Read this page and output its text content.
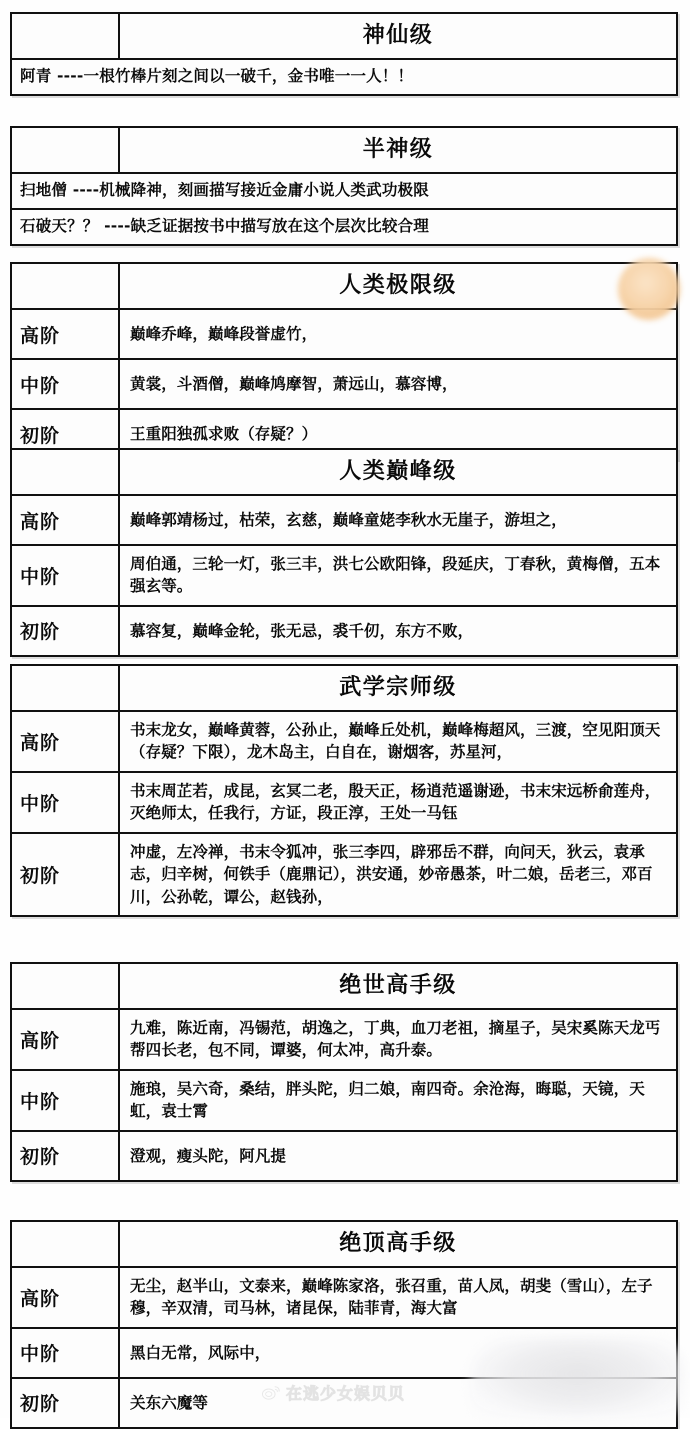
	神仙级
阿青 ----一根竹棒片刻之间以一破千，金书唯一一人！！
	半神级
扫地僧 ----机械降神，刻画描写接近金庸小说人类武功极限
石破天？？ ----缺乏证据按书中描写放在这个层次比较合理
	人类极限级
高阶	巅峰乔峰，巅峰段誉虚竹，
中阶	黄裳，斗酒僧，巅峰鸠摩智，萧远山，慕容博，
初阶	王重阳独孤求败（存疑？）
	人类巅峰级
高阶	巅峰郭靖杨过，枯荣，玄慈，巅峰童姥李秋水无崖子，游坦之，
中阶	周伯通，三轮一灯，张三丰，洪七公欧阳锋，段延庆，丁春秋，黄梅僧，五本强玄等。
初阶	慕容复，巅峰金轮，张无忌，裘千仞，东方不败，
	武学宗师级
高阶	书末龙女，巅峰黄蓉，公孙止，巅峰丘处机，巅峰梅超风，三渡，空见阳顶天（存疑？下限），龙木岛主，白自在，谢烟客，苏星河，
中阶	书末周芷若，成昆，玄冥二老，殷天正，杨逍范遥谢逊，书末宋远桥俞莲舟，灭绝师太，任我行，方证，段正淳，王处一马钰
初阶	冲虚，左冷禅，书末令狐冲，张三李四，辟邪岳不群，向问天，狄云，袁承志，归辛树，何铁手（鹿鼎记），洪安通，妙帝愚茶，叶二娘，岳老三，邓百川，公孙乾，谭公，赵钱孙，
	绝世高手级
高阶	九难，陈近南，冯锡范，胡逸之，丁典，血刀老祖，摘星子，吴宋奚陈天龙丐帮四长老，包不同，谭婆，何太冲，高升泰。
中阶	施琅，吴六奇，桑结，胖头陀，归二娘，南四奇。余沧海，晦聪，天镜，天虹，袁士霄
初阶	澄观，瘦头陀，阿凡提
	绝顶高手级
高阶	无尘，赵半山，文泰来，巅峰陈家洛，张召重，苗人凤，胡斐（雪山），左子穆，辛双清，司马林，诸昆保，陆菲青，海大富
中阶	黑白无常，风际中，
初阶	关东六魔等	在逃少女娱贝贝
